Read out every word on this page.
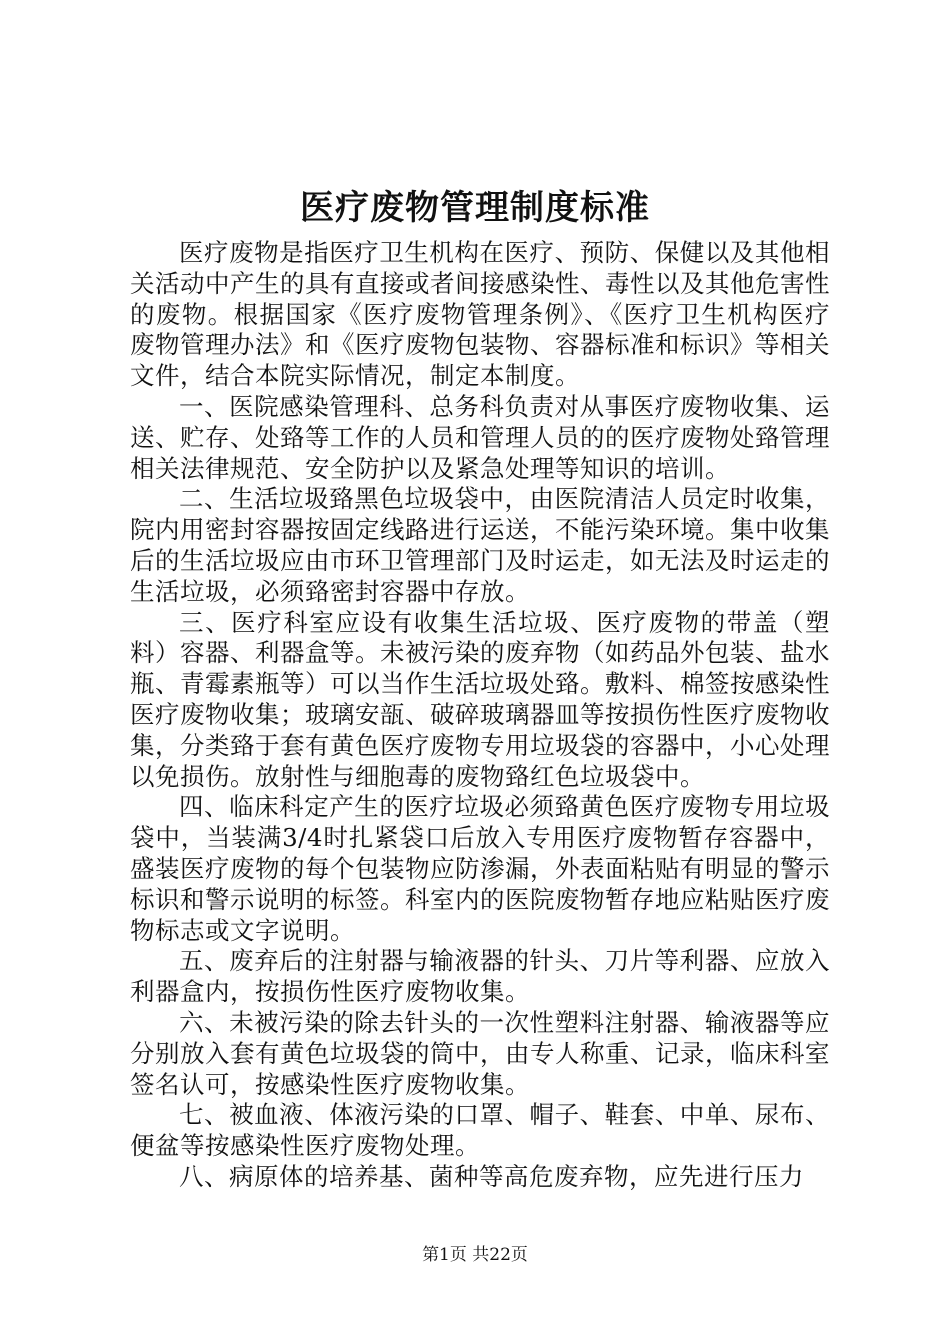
医疗废物管理制度标准

医疗废物是指医疗卫生机构在医疗、预防、保健以及其他相关活动中产生的具有直接或者间接感染性、毒性以及其他危害性的废物。根据国家《医疗废物管理条例》、《医疗卫生机构医疗废物管理办法》和《医疗废物包装物、容器标准和标识》等相关文件，结合本院实际情况，制定本制度。

一、医院感染管理科、总务科负责对从事医疗废物收集、运送、贮存、处臵等工作的人员和管理人员的的医疗废物处臵管理相关法律规范、安全防护以及紧急处理等知识的培训。

二、生活垃圾臵黑色垃圾袋中，由医院清洁人员定时收集，院内用密封容器按固定线路进行运送，不能污染环境。集中收集后的生活垃圾应由市环卫管理部门及时运走，如无法及时运走的生活垃圾，必须臵密封容器中存放。

三、医疗科室应设有收集生活垃圾、医疗废物的带盖（塑料）容器、利器盒等。未被污染的废弃物（如药品外包装、盐水瓶、青霉素瓶等）可以当作生活垃圾处臵。敷料、棉签按感染性医疗废物收集；玻璃安瓿、破碎玻璃器皿等按损伤性医疗废物收集，分类臵于套有黄色医疗废物专用垃圾袋的容器中，小心处理以免损伤。放射性与细胞毒的废物臵红色垃圾袋中。

四、临床科定产生的医疗垃圾必须臵黄色医疗废物专用垃圾袋中，当装满3/4时扎紧袋口后放入专用医疗废物暂存容器中，盛装医疗废物的每个包装物应防渗漏，外表面粘贴有明显的警示标识和警示说明的标签。科室内的医院废物暂存地应粘贴医疗废物标志或文字说明。

五、废弃后的注射器与输液器的针头、刀片等利器、应放入利器盒内，按损伤性医疗废物收集。

六、未被污染的除去针头的一次性塑料注射器、输液器等应分别放入套有黄色垃圾袋的筒中，由专人称重、记录，临床科室签名认可，按感染性医疗废物收集。

七、被血液、体液污染的口罩、帽子、鞋套、中单、尿布、便盆等按感染性医疗废物处理。

八、病原体的培养基、菌种等高危废弃物，应先进行压力

第1页 共22页
